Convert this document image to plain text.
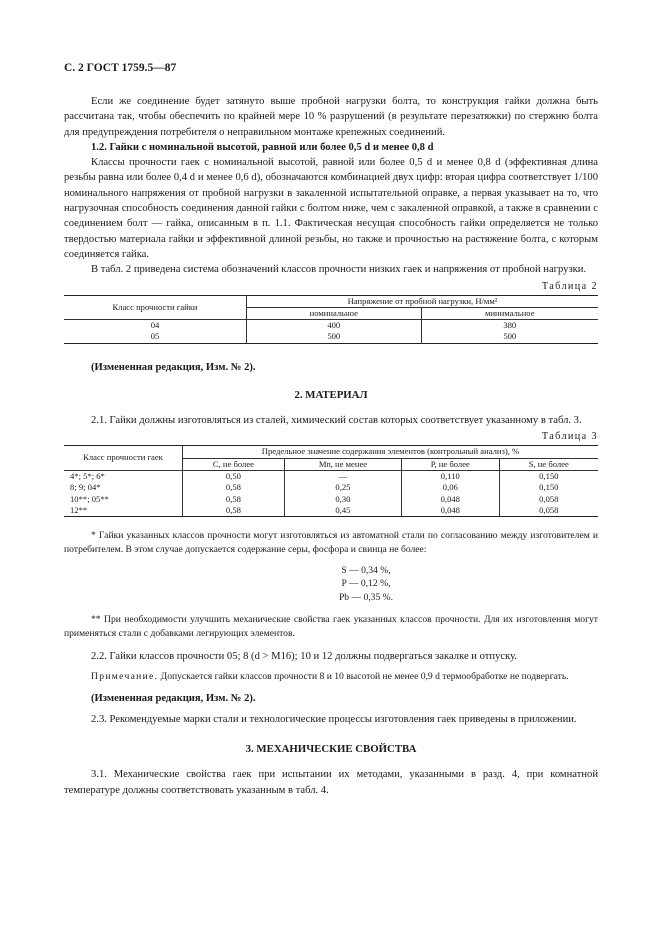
С. 2 ГОСТ 1759.5—87

Если же соединение будет затянуто выше пробной нагрузки болта, то конструкция гайки должна быть рассчитана так, чтобы обеспечить по крайней мере 10 % разрушений (в результате перезатяжки) по стержню болта для предупреждения потребителя о неправильном монтаже крепежных соединений.

1.2. Гайки с номинальной высотой, равной или более 0,5 d и менее 0,8 d

Классы прочности гаек с номинальной высотой, равной или более 0,5 d и менее 0,8 d (эффективная длина резьбы равна или более 0,4 d и менее 0,6 d), обозначаются комбинацией двух цифр: вторая цифра соответствует 1/100 номинального напряжения от пробной нагрузки в закаленной испытательной оправке, а первая указывает на то, что нагрузочная способность соединения данной гайки с болтом ниже, чем с закаленной оправкой, а также в сравнении с соединением болт — гайка, описанным в п. 1.1. Фактическая несущая способность гайки определяется не только твердостью материала гайки и эффективной длиной резьбы, но также и прочностью на растяжение болта, с которым соединяется гайка.

В табл. 2 приведена система обозначений классов прочности низких гаек и напряжения от пробной нагрузки.

Таблица 2
Класс прочности гайки	Напряжение от пробной нагрузки, Н/мм²	
	номинальное	минимальное
04	400	380
05	500	500

(Измененная редакция, Изм. № 2).

2. МАТЕРИАЛ

2.1. Гайки должны изготовляться из сталей, химический состав которых соответствует указанному в табл. 3.

Таблица 3
Класс прочности гаек	Предельное значение содержания элементов (контрольный анализ), %			
	С, не более	Mn, не менее	Р, не более	S, не более
4*; 5*; 6*	0,50	—	0,110	0,150
8; 9; 04*	0,58	0,25	0,06	0,150
10**; 05**	0,58	0,30	0,048	0,058
12**	0,58	0,45	0,048	0,058

* Гайки указанных классов прочности могут изготовляться из автоматной стали по согласованию между изготовителем и потребителем. В этом случае допускается содержание серы, фосфора и свинца не более:

S — 0,34 %,
P — 0,12 %,
Pb — 0,35 %.

** При необходимости улучшить механические свойства гаек указанных классов прочности. Для их изготовления могут применяться стали с добавками легирующих элементов.

2.2. Гайки классов прочности 05; 8 (d > М16); 10 и 12 должны подвергаться закалке и отпуску.

Примечание. Допускается гайки классов прочности 8 и 10 высотой не менее 0,9 d термообработке не подвергать.

(Измененная редакция, Изм. № 2).

2.3. Рекомендуемые марки стали и технологические процессы изготовления гаек приведены в приложении.

3. МЕХАНИЧЕСКИЕ СВОЙСТВА

3.1. Механические свойства гаек при испытании их методами, указанными в разд. 4, при комнатной температуре должны соответствовать указанным в табл. 4.
